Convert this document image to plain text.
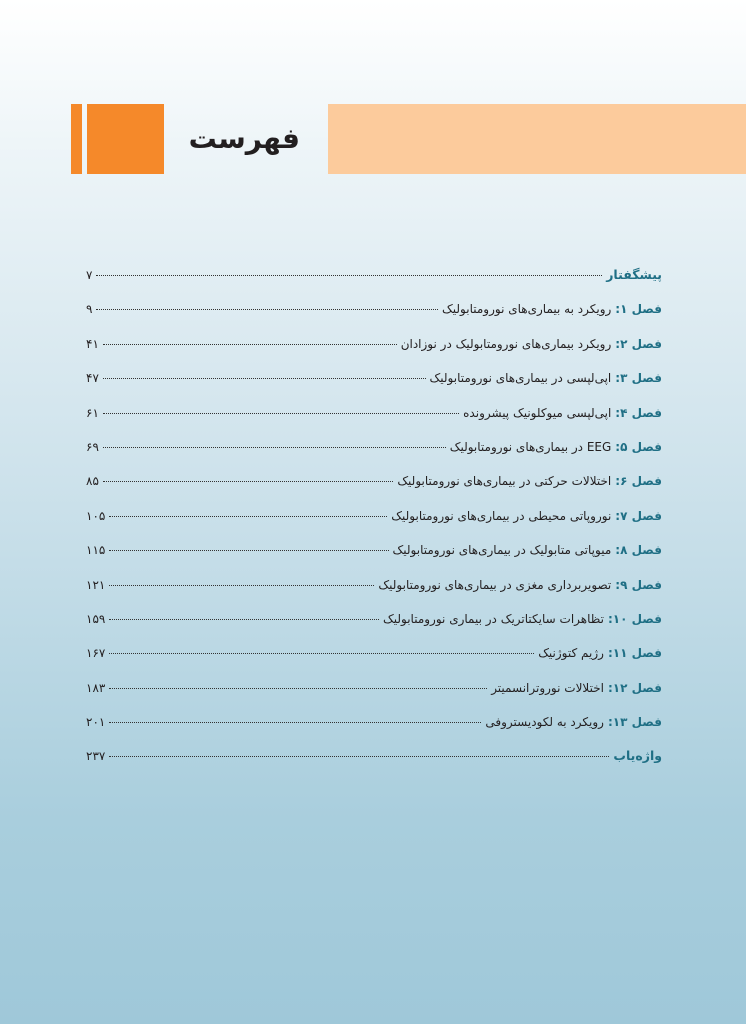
فهرست
پیشگفتار
۷
فصل ۱:
رویکرد به بیماری‌های نورومتابولیک
۹
فصل ۲:
رویکرد بیماری‌های نورومتابولیک در نوزادان
۴۱
فصل ۳:
اپی‌لپسی در بیماری‌های نورومتابولیک
۴۷
فصل ۴:
اپی‌لپسی میوکلونیک پیشرونده
۶۱
فصل ۵:
EEG در بیماری‌های نورومتابولیک
۶۹
فصل ۶:
اختلالات حرکتی در بیماری‌های نورومتابولیک
۸۵
فصل ۷:
نوروپاتی محیطی در بیماری‌های نورومتابولیک
۱۰۵
فصل ۸:
میوپاتی متابولیک در بیماری‌های نورومتابولیک
۱۱۵
فصل ۹:
تصویربرداری مغزی در بیماری‌های نورومتابولیک
۱۲۱
فصل ۱۰:
تظاهرات سایکتاتریک در بیماری نورومتابولیک
۱۵۹
فصل ۱۱:
رژیم کتوژنیک
۱۶۷
فصل ۱۲:
اختلالات نوروترانسمیتر
۱۸۳
فصل ۱۳:
رویکرد به لکودیستروفی
۲۰۱
واژه‌یاب
۲۳۷
